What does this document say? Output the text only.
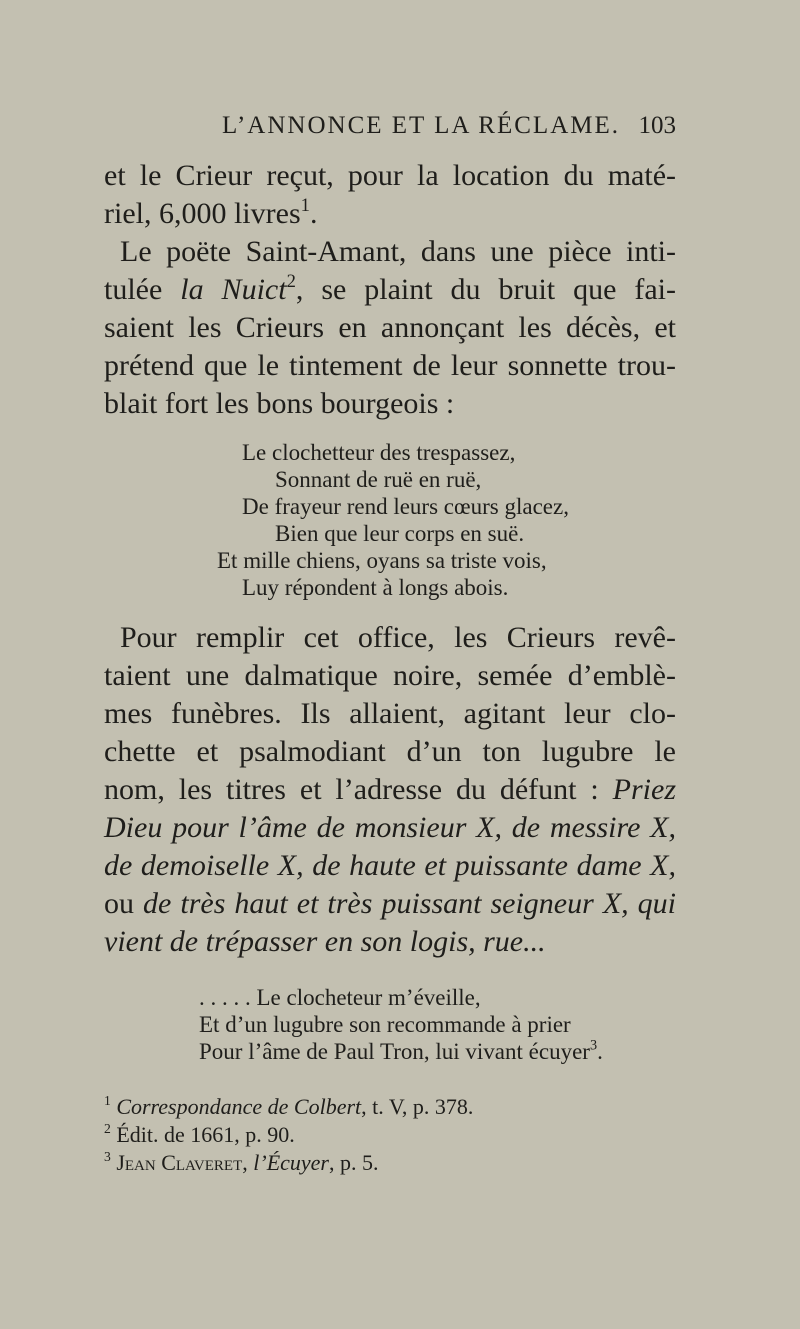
L’ANNONCE ET LA RÉCLAME. 103
et le Crieur reçut, pour la location du maté-
riel, 6,000 livres$^1$.
Le poëte Saint-Amant, dans une pièce inti-
tulée la Nuict$^2$, se plaint du bruit que fai-
saient les Crieurs en annonçant les décès, et
prétend que le tintement de leur sonnette trou-
blait fort les bons bourgeois :
Le clochetteur des trespassez,
Sonnant de ruë en ruë,
De frayeur rend leurs cœurs glacez,
Bien que leur corps en suë.
Et mille chiens, oyans sa triste vois,
Luy répondent à longs abois.
Pour remplir cet office, les Crieurs revê-
taient une dalmatique noire, semée d’emblè-
mes funèbres. Ils allaient, agitant leur clo-
chette et psalmodiant d’un ton lugubre le
nom, les titres et l’adresse du défunt : Priez
Dieu pour l’âme de monsieur X, de messire X,
de demoiselle X, de haute et puissante dame X,
ou de très haut et très puissant seigneur X, qui
vient de trépasser en son logis, rue...
. . . . . Le clocheteur m’éveille,
Et d’un lugubre son recommande à prier
Pour l’âme de Paul Tron, lui vivant écuyer$^3$.
$^1$ Correspondance de Colbert, t. V, p. 378.
$^2$ Édit. de 1661, p. 90.
$^3$ Jean Claveret, l’Écuyer, p. 5.
